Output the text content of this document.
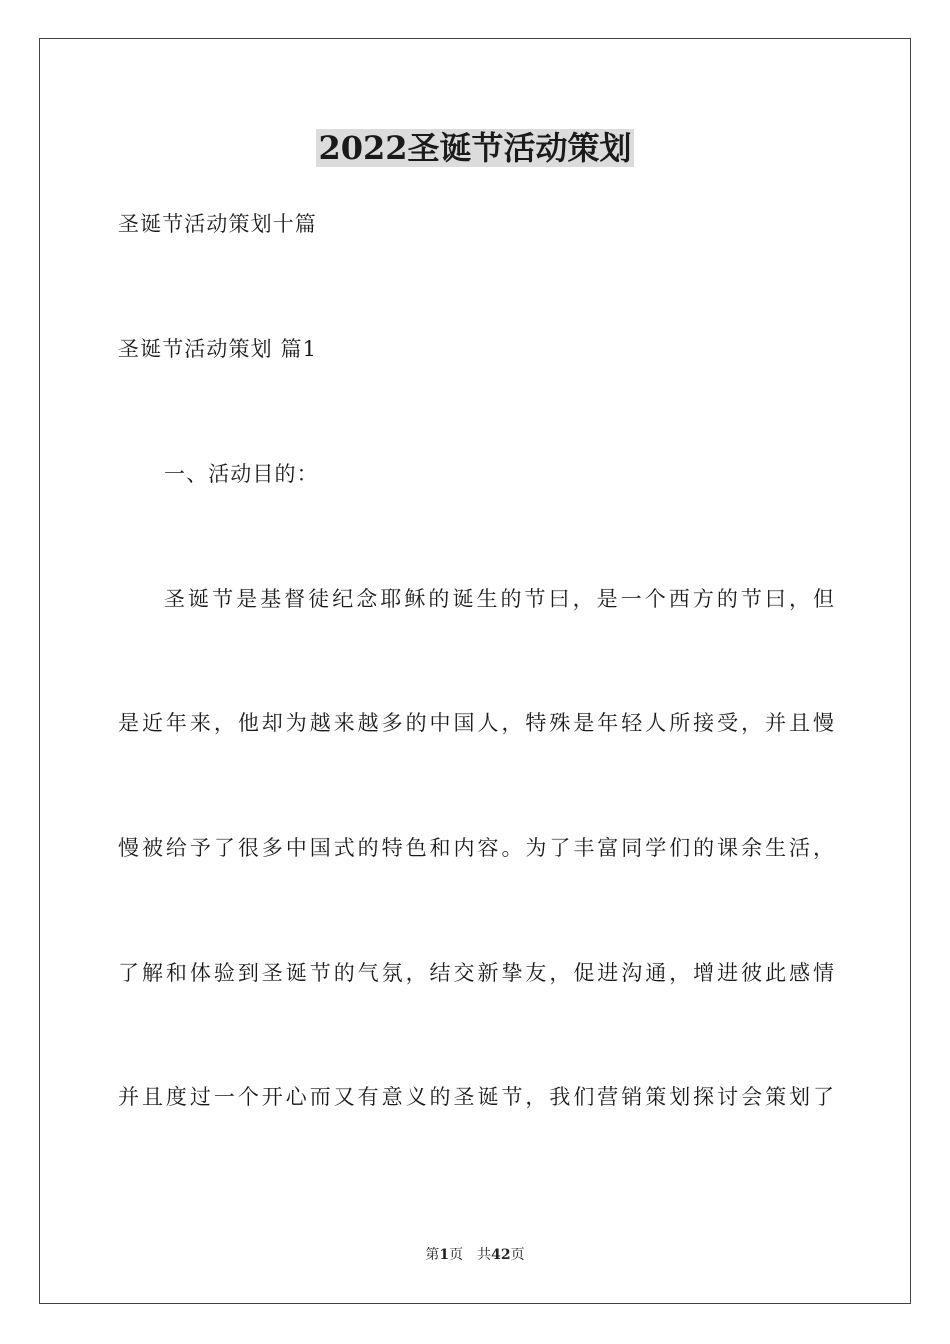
2022圣诞节活动策划

圣诞节活动策划十篇

圣诞节活动策划 篇1

一、活动目的：

圣诞节是基督徒纪念耶稣的诞生的节曰，是一个西方的节曰，但

是近年来，他却为越来越多的中国人，特殊是年轻人所接受，并且慢

慢被给予了很多中国式的特色和内容。为了丰富同学们的课余生活，

了解和体验到圣诞节的气氛，结交新挚友，促进沟通，增进彼此感情

并且度过一个开心而又有意义的圣诞节，我们营销策划探讨会策划了

第1页 共42页
